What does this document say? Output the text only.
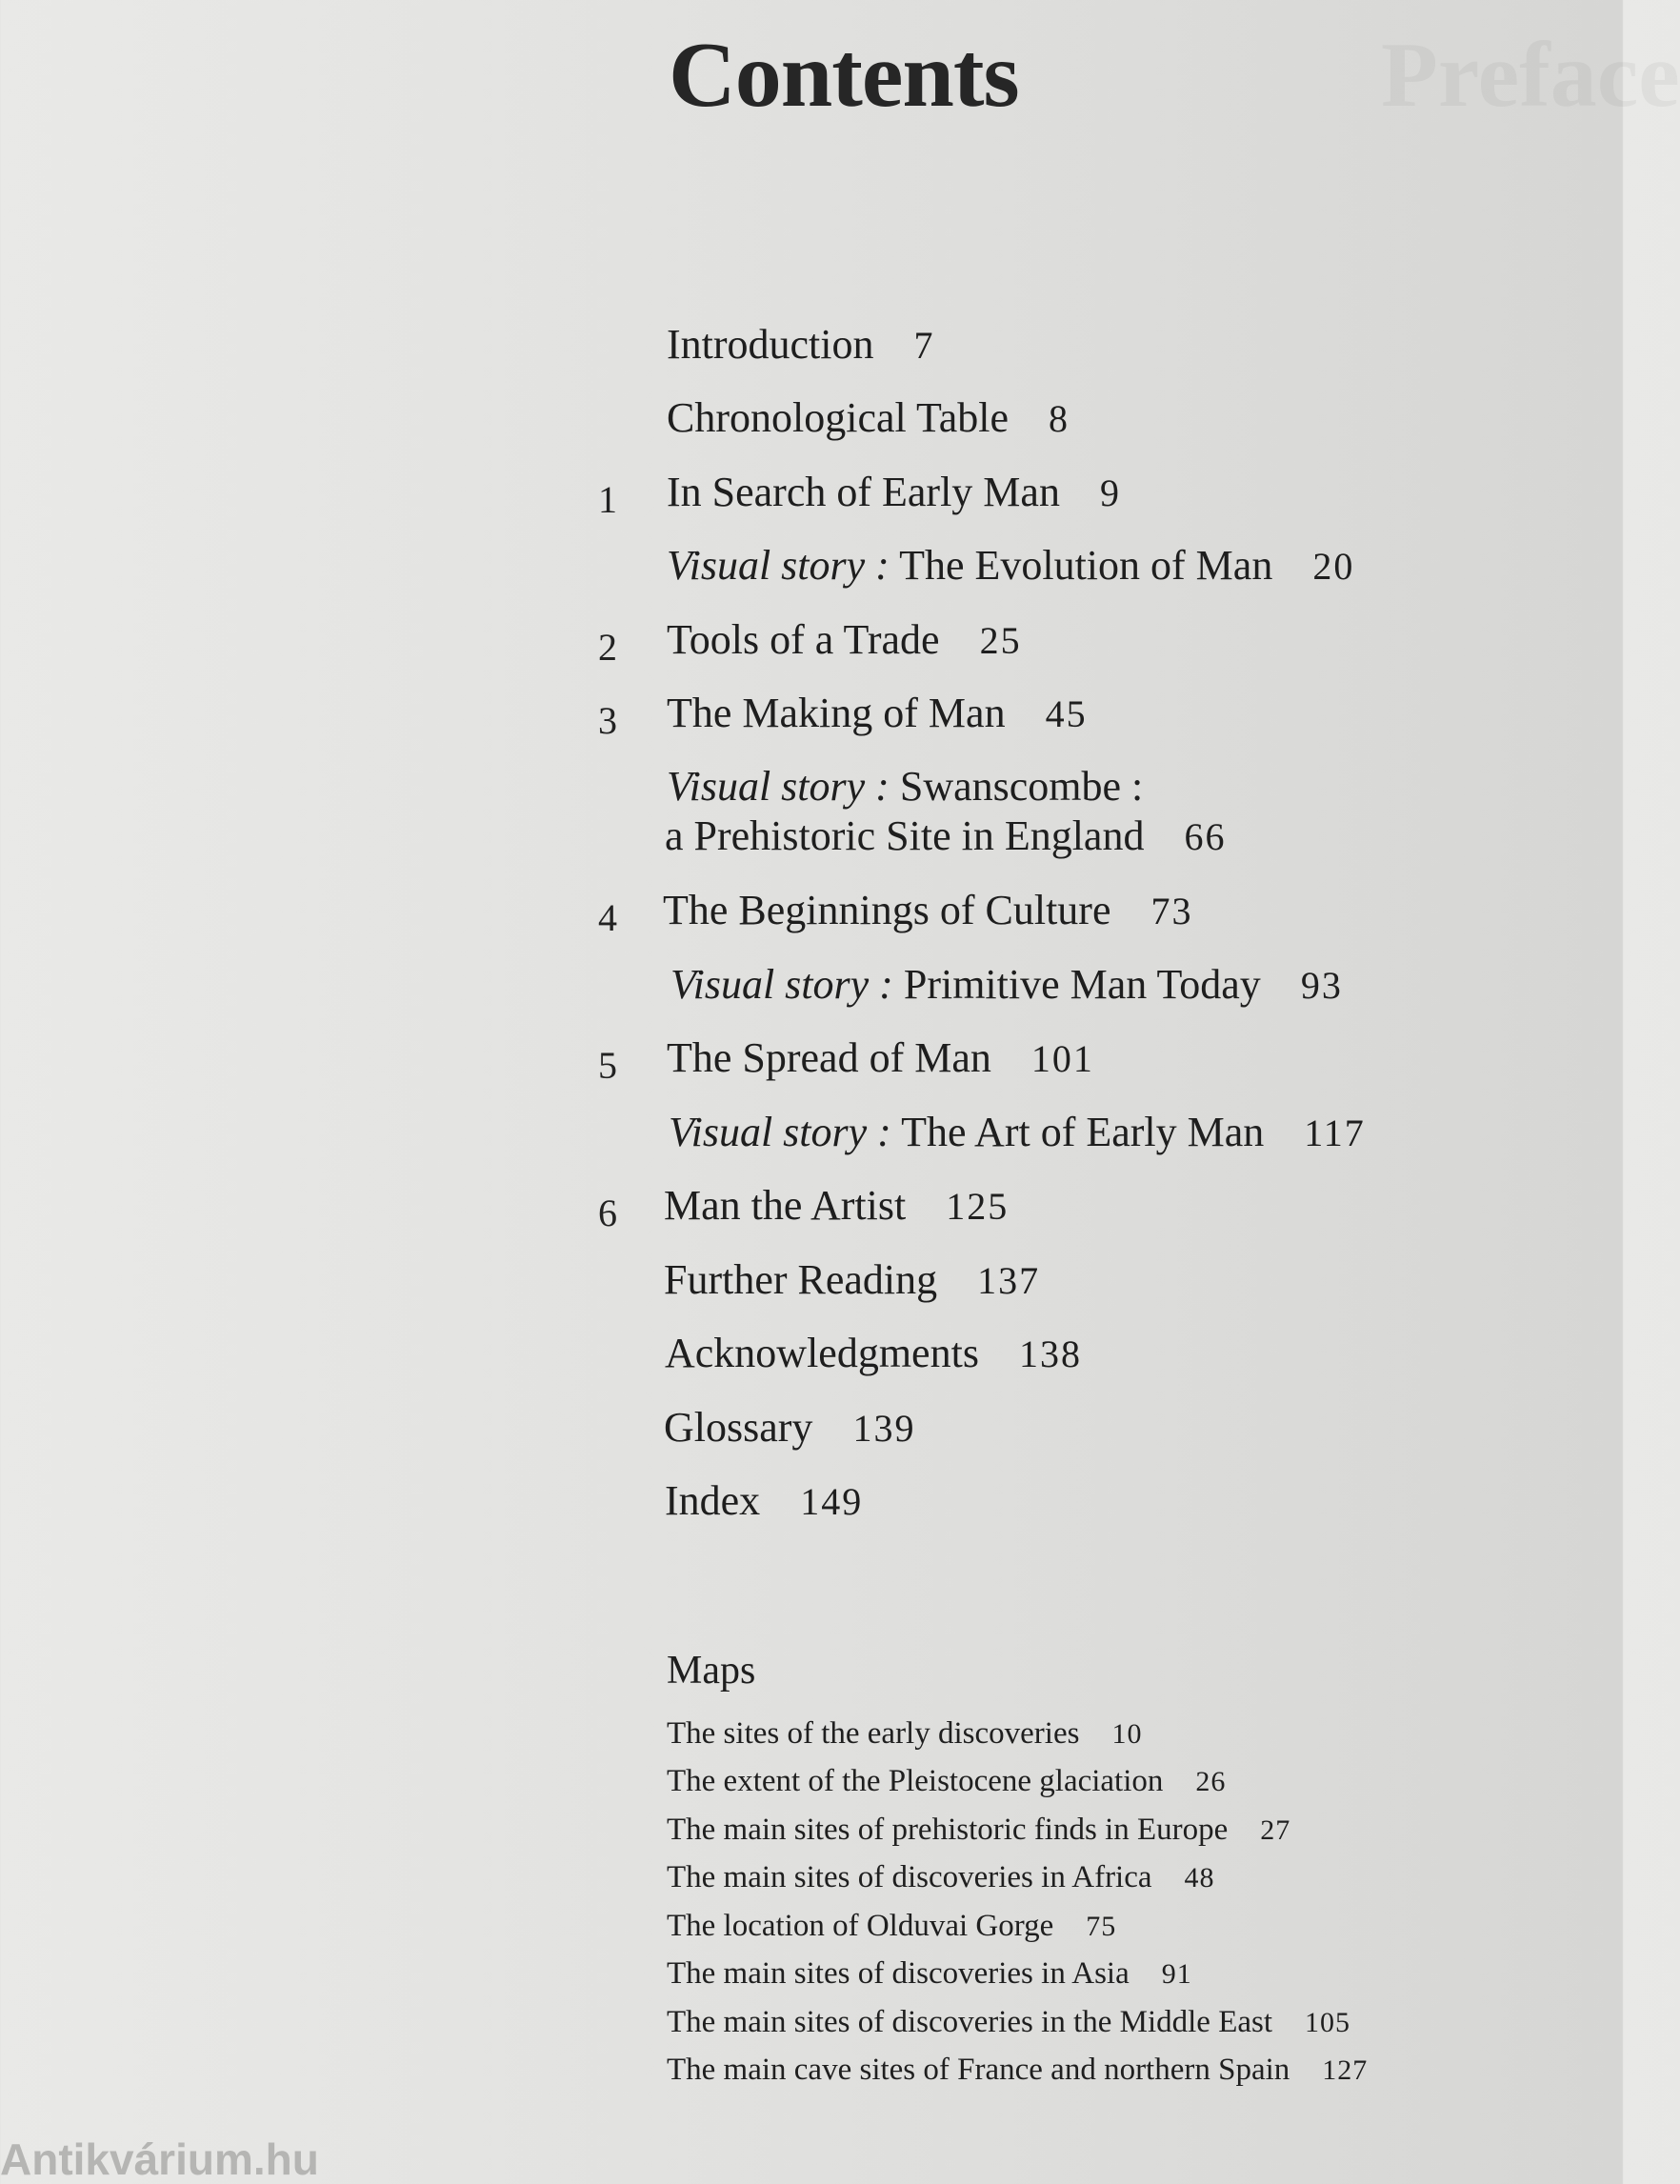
Contents	Preface
Introduction 7
Chronological Table 8
1	In Search of Early Man 9
Visual story : The Evolution of Man 20
2	Tools of a Trade 25
3	The Making of Man 45
Visual story : Swanscombe :
a Prehistoric Site in England 66
4	The Beginnings of Culture 73
Visual story : Primitive Man Today 93
5	The Spread of Man 101
Visual story : The Art of Early Man 117
6	Man the Artist 125
Further Reading 137
Acknowledgments 138
Glossary 139
Index 149
Maps
The sites of the early discoveries 10
The extent of the Pleistocene glaciation 26
The main sites of prehistoric finds in Europe 27
The main sites of discoveries in Africa 48
The location of Olduvai Gorge 75
The main sites of discoveries in Asia 91
The main sites of discoveries in the Middle East 105
The main cave sites of France and northern Spain 127
Antikvárium.hu
